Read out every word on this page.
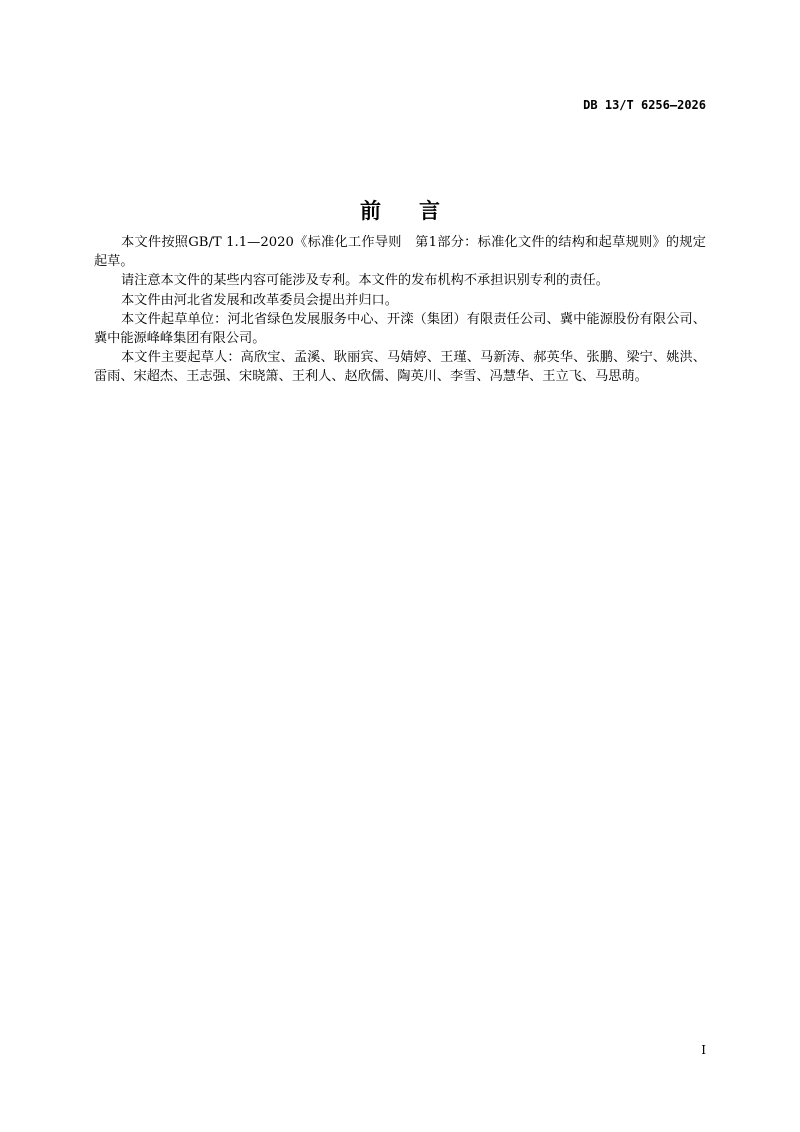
DB 13/T 6256—2026
前言

本文件按照GB/T 1.1—2020《标准化工作导则　第1部分：标准化文件的结构和起草规则》的规定起草。

请注意本文件的某些内容可能涉及专利。本文件的发布机构不承担识别专利的责任。

本文件由河北省发展和改革委员会提出并归口。

本文件起草单位：河北省绿色发展服务中心、开滦（集团）有限责任公司、冀中能源股份有限公司、冀中能源峰峰集团有限公司。

本文件主要起草人：高欣宝、孟溪、耿丽宾、马婧婷、王瑾、马新涛、郝英华、张鹏、梁宁、姚洪、雷雨、宋超杰、王志强、宋晓箫、王利人、赵欣儒、陶英川、李雪、冯慧华、王立飞、马思萌。

I
